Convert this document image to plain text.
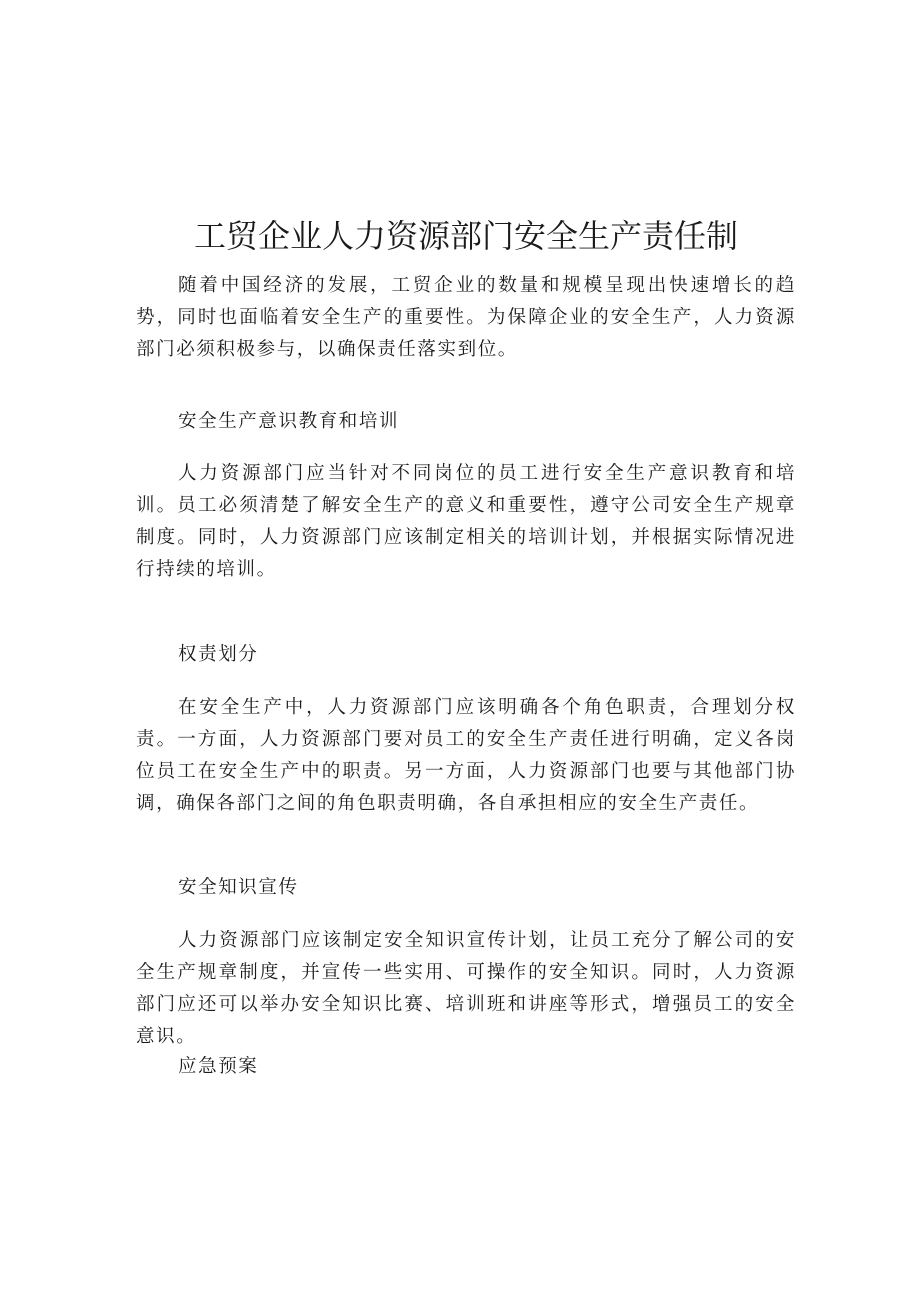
工贸企业人力资源部门安全生产责任制

随着中国经济的发展，工贸企业的数量和规模呈现出快速增长的趋势，同时也面临着安全生产的重要性。为保障企业的安全生产，人力资源部门必须积极参与，以确保责任落实到位。

安全生产意识教育和培训

人力资源部门应当针对不同岗位的员工进行安全生产意识教育和培训。员工必须清楚了解安全生产的意义和重要性，遵守公司安全生产规章制度。同时，人力资源部门应该制定相关的培训计划，并根据实际情况进行持续的培训。

权责划分

在安全生产中，人力资源部门应该明确各个角色职责，合理划分权责。一方面，人力资源部门要对员工的安全生产责任进行明确，定义各岗位员工在安全生产中的职责。另一方面，人力资源部门也要与其他部门协调，确保各部门之间的角色职责明确，各自承担相应的安全生产责任。

安全知识宣传

人力资源部门应该制定安全知识宣传计划，让员工充分了解公司的安全生产规章制度，并宣传一些实用、可操作的安全知识。同时，人力资源部门应还可以举办安全知识比赛、培训班和讲座等形式，增强员工的安全意识。

应急预案
